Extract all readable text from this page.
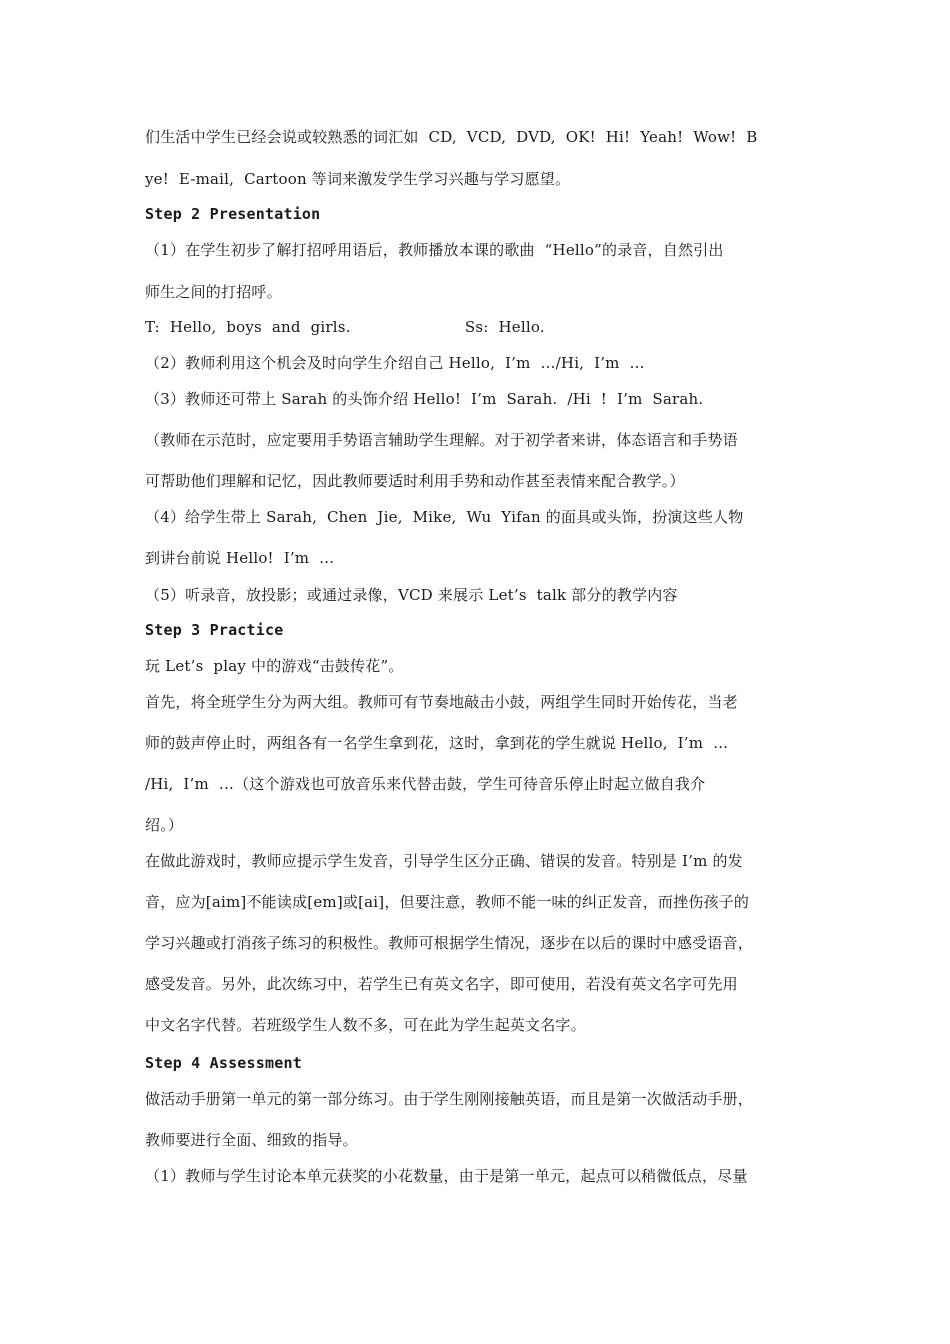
们生活中学生已经会说或较熟悉的词汇如  CD,  VCD,  DVD,  OK!  Hi!  Yeah!  Wow!  B
ye!  E-mail,  Cartoon 等词来激发学生学习兴趣与学习愿望。
Step 2 Presentation
（1）在学生初步了解打招呼用语后，教师播放本课的歌曲  “Hello”的录音，自然引出
师生之间的打招呼。
T:  Hello,  boys  and  girls.                       Ss:  Hello.
（2）教师利用这个机会及时向学生介绍自己 Hello,  I’m  …/Hi,  I’m  …
（3）教师还可带上 Sarah 的头饰介绍 Hello!  I’m  Sarah.  /Hi  !  I’m  Sarah.
（教师在示范时，应定要用手势语言辅助学生理解。对于初学者来讲，体态语言和手势语
可帮助他们理解和记忆，因此教师要适时利用手势和动作甚至表情来配合教学。）
（4）给学生带上 Sarah,  Chen  Jie,  Mike,  Wu  Yifan 的面具或头饰，扮演这些人物
到讲台前说 Hello!  I’m  …
（5）听录音，放投影；或通过录像，VCD 来展示 Let’s  talk 部分的教学内容
Step 3 Practice
玩 Let’s  play 中的游戏“击鼓传花”。
首先，将全班学生分为两大组。教师可有节奏地敲击小鼓，两组学生同时开始传花，当老
师的鼓声停止时，两组各有一名学生拿到花，这时，拿到花的学生就说 Hello,  I’m  …
/Hi,  I’m  …（这个游戏也可放音乐来代替击鼓，学生可待音乐停止时起立做自我介
绍。）
在做此游戏时，教师应提示学生发音，引导学生区分正确、错误的发音。特别是 I’m 的发
音，应为[aim]不能读成[em]或[ai]，但要注意，教师不能一味的纠正发音，而挫伤孩子的
学习兴趣或打消孩子练习的积极性。教师可根据学生情况，逐步在以后的课时中感受语音，
感受发音。另外，此次练习中，若学生已有英文名字，即可使用，若没有英文名字可先用
中文名字代替。若班级学生人数不多，可在此为学生起英文名字。
Step 4 Assessment
做活动手册第一单元的第一部分练习。由于学生刚刚接触英语，而且是第一次做活动手册，
教师要进行全面、细致的指导。
（1）教师与学生讨论本单元获奖的小花数量，由于是第一单元，起点可以稍微低点，尽量
